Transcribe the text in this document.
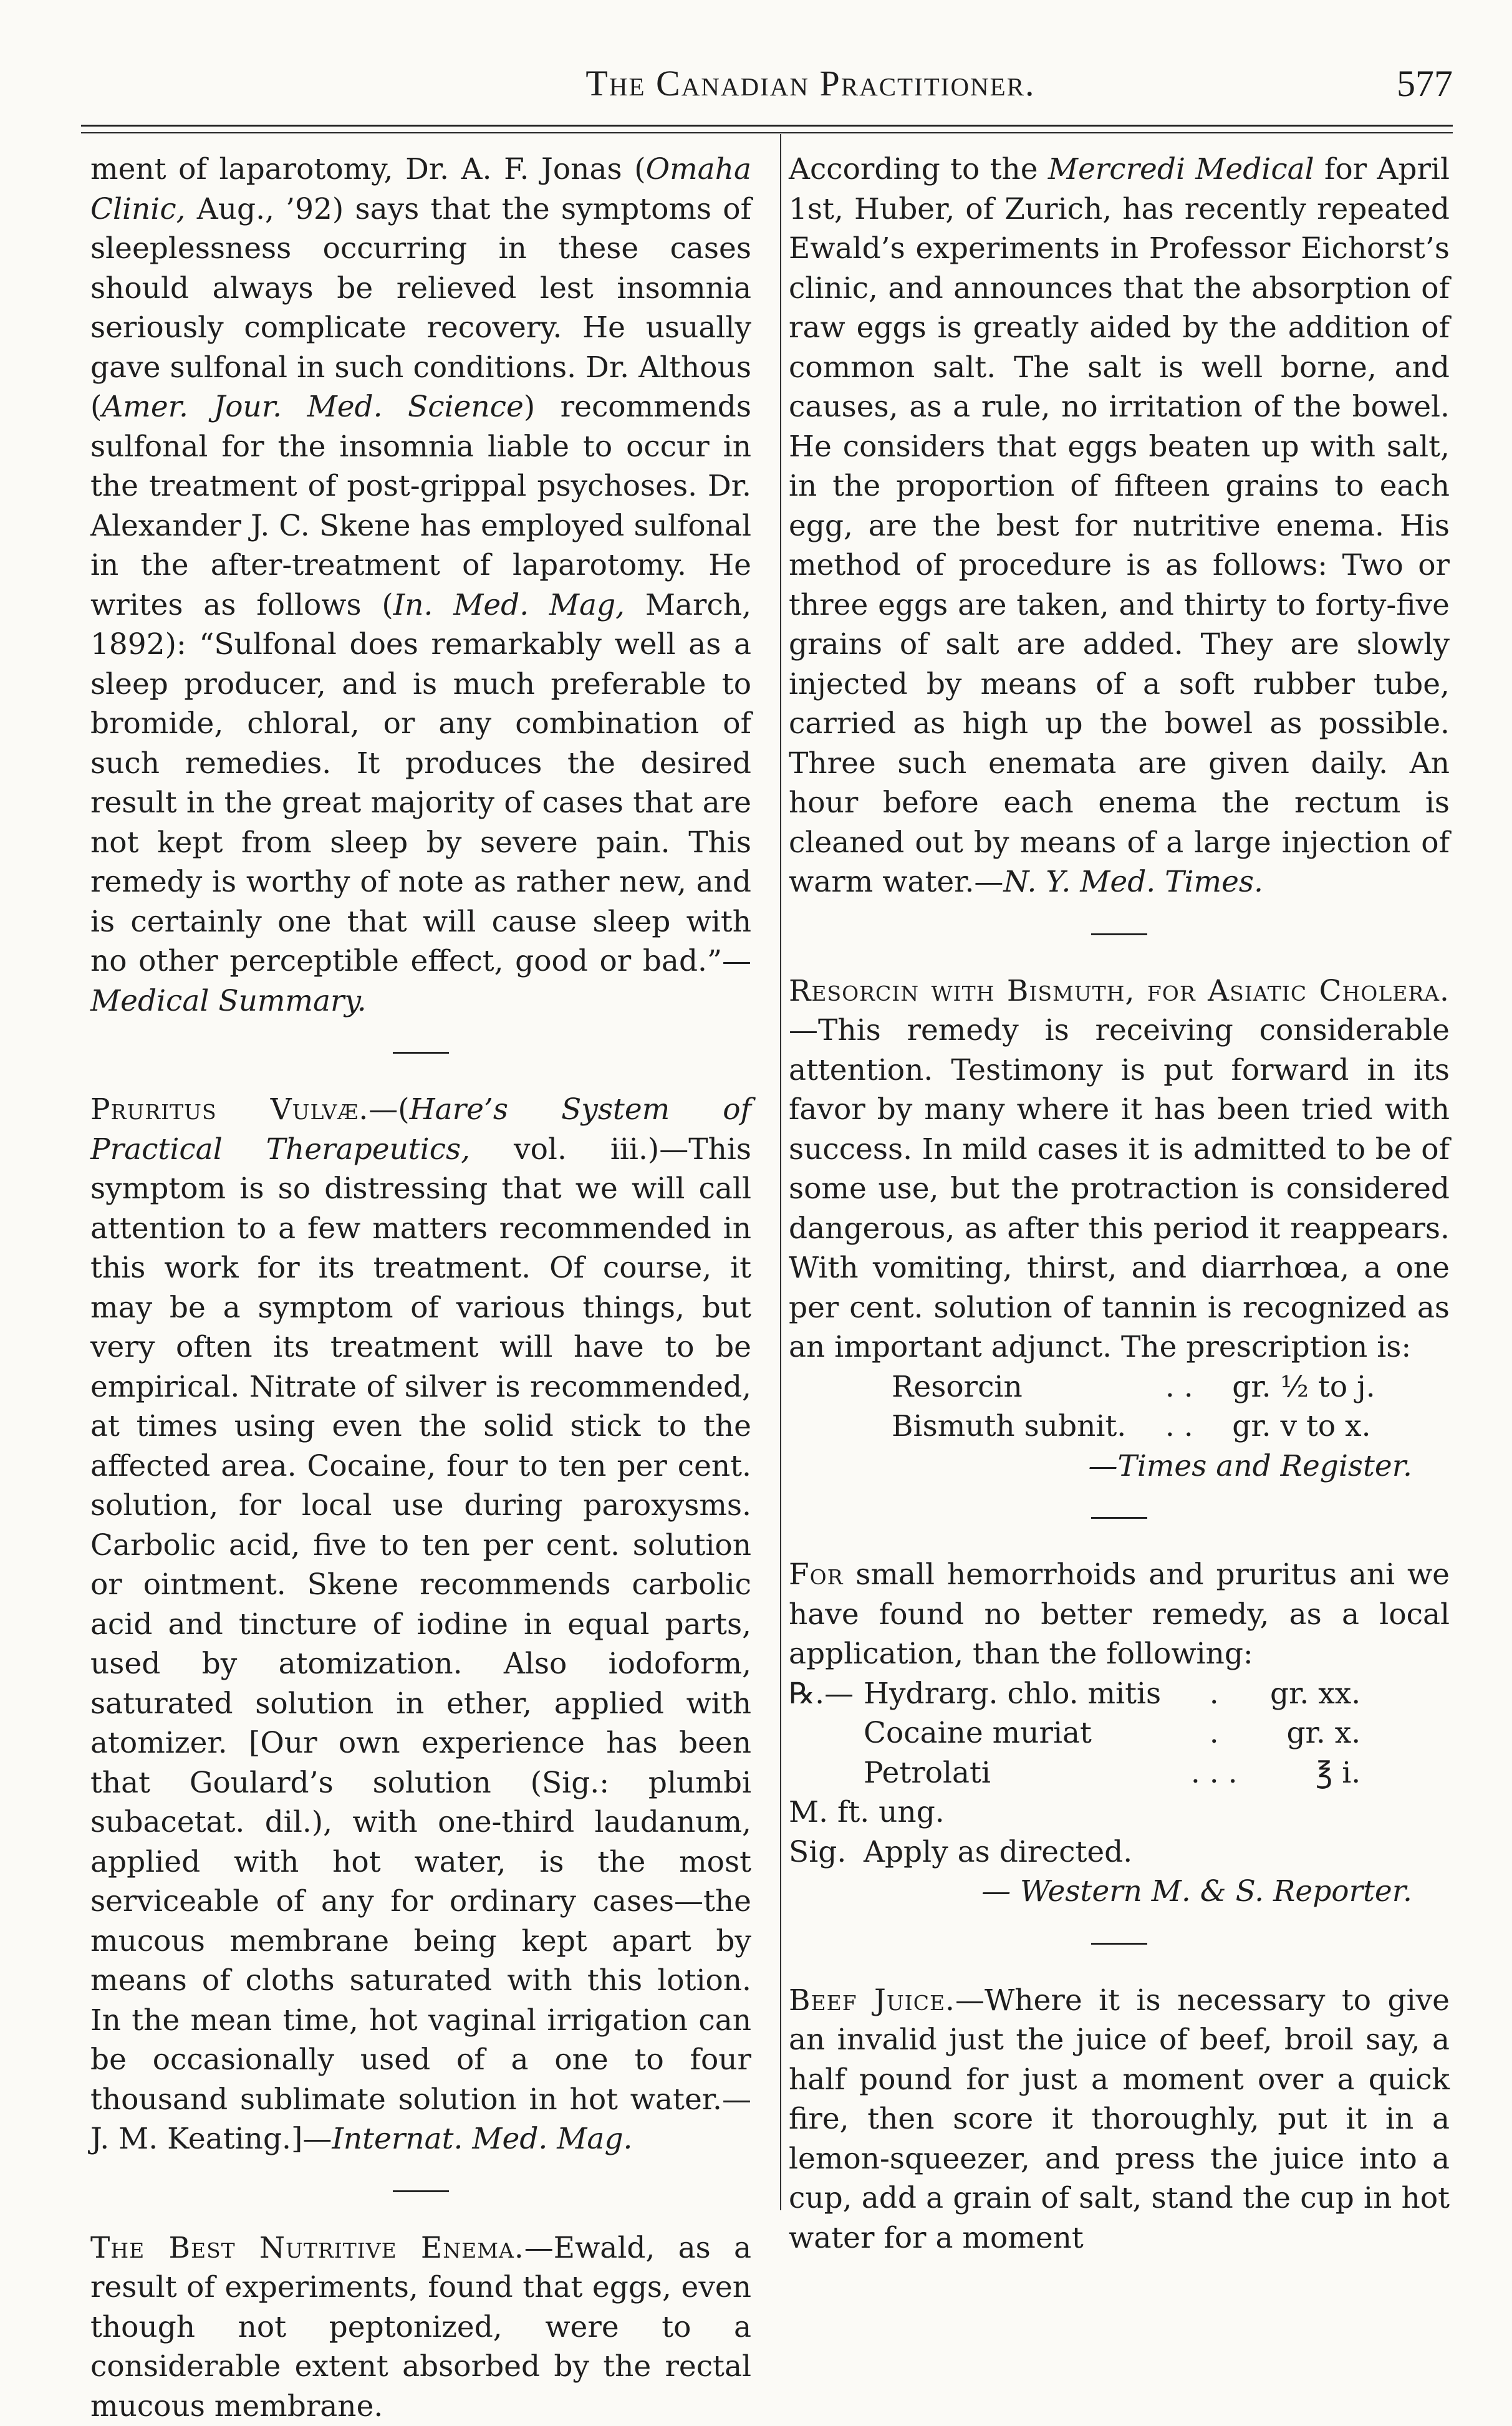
The Canadian Practitioner.	577

ment of laparotomy, Dr. A. F. Jonas (Omaha Clinic, Aug., ’92) says that the symptoms of sleeplessness occurring in these cases should always be relieved lest insomnia seriously complicate recovery. He usually gave sulfonal in such conditions. Dr. Althous (Amer. Jour. Med. Science) recommends sulfonal for the insomnia liable to occur in the treatment of post-grippal psychoses. Dr. Alexander J. C. Skene has employed sulfonal in the after-treatment of laparotomy. He writes as follows (In. Med. Mag, March, 1892): “Sulfonal does remarkably well as a sleep producer, and is much preferable to bromide, chloral, or any combination of such remedies. It produces the desired result in the great majority of cases that are not kept from sleep by severe pain. This remedy is worthy of note as rather new, and is certainly one that will cause sleep with no other perceptible effect, good or bad.”—Medical Summary.

Pruritus Vulvæ.—(Hare’s System of Practical Therapeutics, vol. iii.)—This symptom is so distressing that we will call attention to a few matters recommended in this work for its treatment. Of course, it may be a symptom of various things, but very often its treatment will have to be empirical. Nitrate of silver is recommended, at times using even the solid stick to the affected area. Cocaine, four to ten per cent. solution, for local use during paroxysms. Carbolic acid, five to ten per cent. solution or ointment. Skene recommends carbolic acid and tincture of iodine in equal parts, used by atomization. Also iodoform, saturated solution in ether, applied with atomizer. [Our own experience has been that Goulard’s solution (Sig.: plumbi subacetat. dil.), with one-third laudanum, applied with hot water, is the most serviceable of any for ordinary cases—the mucous membrane being kept apart by means of cloths saturated with this lotion. In the mean time, hot vaginal irrigation can be occasionally used of a one to four thousand sublimate solution in hot water.—J. M. Keating.]—Internat. Med. Mag.

The Best Nutritive Enema.—Ewald, as a result of experiments, found that eggs, even though not peptonized, were to a considerable extent absorbed by the rectal mucous membrane.

According to the Mercredi Medical for April 1st, Huber, of Zurich, has recently repeated Ewald’s experiments in Professor Eichorst’s clinic, and announces that the absorption of raw eggs is greatly aided by the addition of common salt. The salt is well borne, and causes, as a rule, no irritation of the bowel. He considers that eggs beaten up with salt, in the proportion of fifteen grains to each egg, are the best for nutritive enema. His method of procedure is as follows: Two or three eggs are taken, and thirty to forty-five grains of salt are added. They are slowly injected by means of a soft rubber tube, carried as high up the bowel as possible. Three such enemata are given daily. An hour before each enema the rectum is cleaned out by means of a large injection of warm water.—N. Y. Med. Times.

Resorcin with Bismuth, for Asiatic Cholera.—This remedy is receiving considerable attention. Testimony is put forward in its favor by many where it has been tried with success. In mild cases it is admitted to be of some use, but the protraction is considered dangerous, as after this period it reappears. With vomiting, thirst, and diarrhœa, a one per cent. solution of tannin is recognized as an important adjunct. The prescription is:

Resorcin	. .	gr. ½ to j.
Bismuth subnit.	. .	gr. v to x.
—Times and Register.

For small hemorrhoids and pruritus ani we have found no better remedy, as a local application, than the following:

℞.—	Hydrarg. chlo. mitis	.	gr. xx.
	Cocaine muriat	.	gr. x.
	Petrolati	. . .	℥ i.
M. ft. ung.			
Sig.	Apply as directed.		
— Western M. & S. Reporter.

Beef Juice.—Where it is necessary to give an invalid just the juice of beef, broil say, a half pound for just a moment over a quick fire, then score it thoroughly, put it in a lemon-squeezer, and press the juice into a cup, add a grain of salt, stand the cup in hot water for a moment
